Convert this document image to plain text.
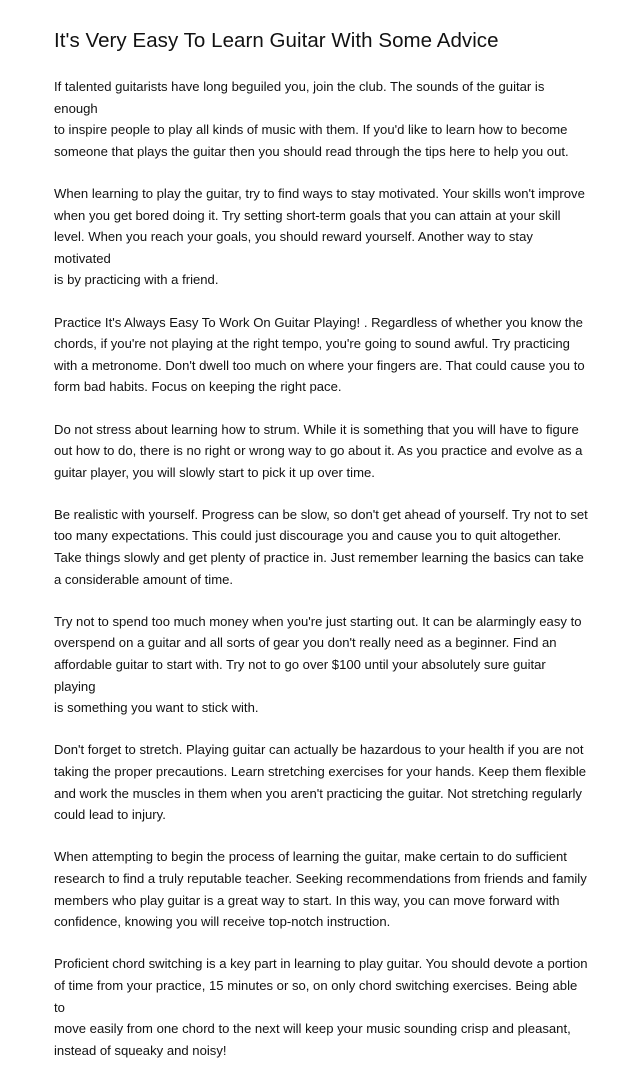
It's Very Easy To Learn Guitar With Some Advice

If talented guitarists have long beguiled you, join the club. The sounds of the guitar is enough
to inspire people to play all kinds of music with them. If you'd like to learn how to become
someone that plays the guitar then you should read through the tips here to help you out.

When learning to play the guitar, try to find ways to stay motivated. Your skills won't improve
when you get bored doing it. Try setting short-term goals that you can attain at your skill
level. When you reach your goals, you should reward yourself. Another way to stay motivated
is by practicing with a friend.

Practice It's Always Easy To Work On Guitar Playing! . Regardless of whether you know the
chords, if you're not playing at the right tempo, you're going to sound awful. Try practicing
with a metronome. Don't dwell too much on where your fingers are. That could cause you to
form bad habits. Focus on keeping the right pace.

Do not stress about learning how to strum. While it is something that you will have to figure
out how to do, there is no right or wrong way to go about it. As you practice and evolve as a
guitar player, you will slowly start to pick it up over time.

Be realistic with yourself. Progress can be slow, so don't get ahead of yourself. Try not to set
too many expectations. This could just discourage you and cause you to quit altogether.
Take things slowly and get plenty of practice in. Just remember learning the basics can take
a considerable amount of time.

Try not to spend too much money when you're just starting out. It can be alarmingly easy to
overspend on a guitar and all sorts of gear you don't really need as a beginner. Find an
affordable guitar to start with. Try not to go over $100 until your absolutely sure guitar playing
is something you want to stick with.

Don't forget to stretch. Playing guitar can actually be hazardous to your health if you are not
taking the proper precautions. Learn stretching exercises for your hands. Keep them flexible
and work the muscles in them when you aren't practicing the guitar. Not stretching regularly
could lead to injury.

When attempting to begin the process of learning the guitar, make certain to do sufficient
research to find a truly reputable teacher. Seeking recommendations from friends and family
members who play guitar is a great way to start. In this way, you can move forward with
confidence, knowing you will receive top-notch instruction.

Proficient chord switching is a key part in learning to play guitar. You should devote a portion
of time from your practice, 15 minutes or so, on only chord switching exercises. Being able to
move easily from one chord to the next will keep your music sounding crisp and pleasant,
instead of squeaky and noisy!
